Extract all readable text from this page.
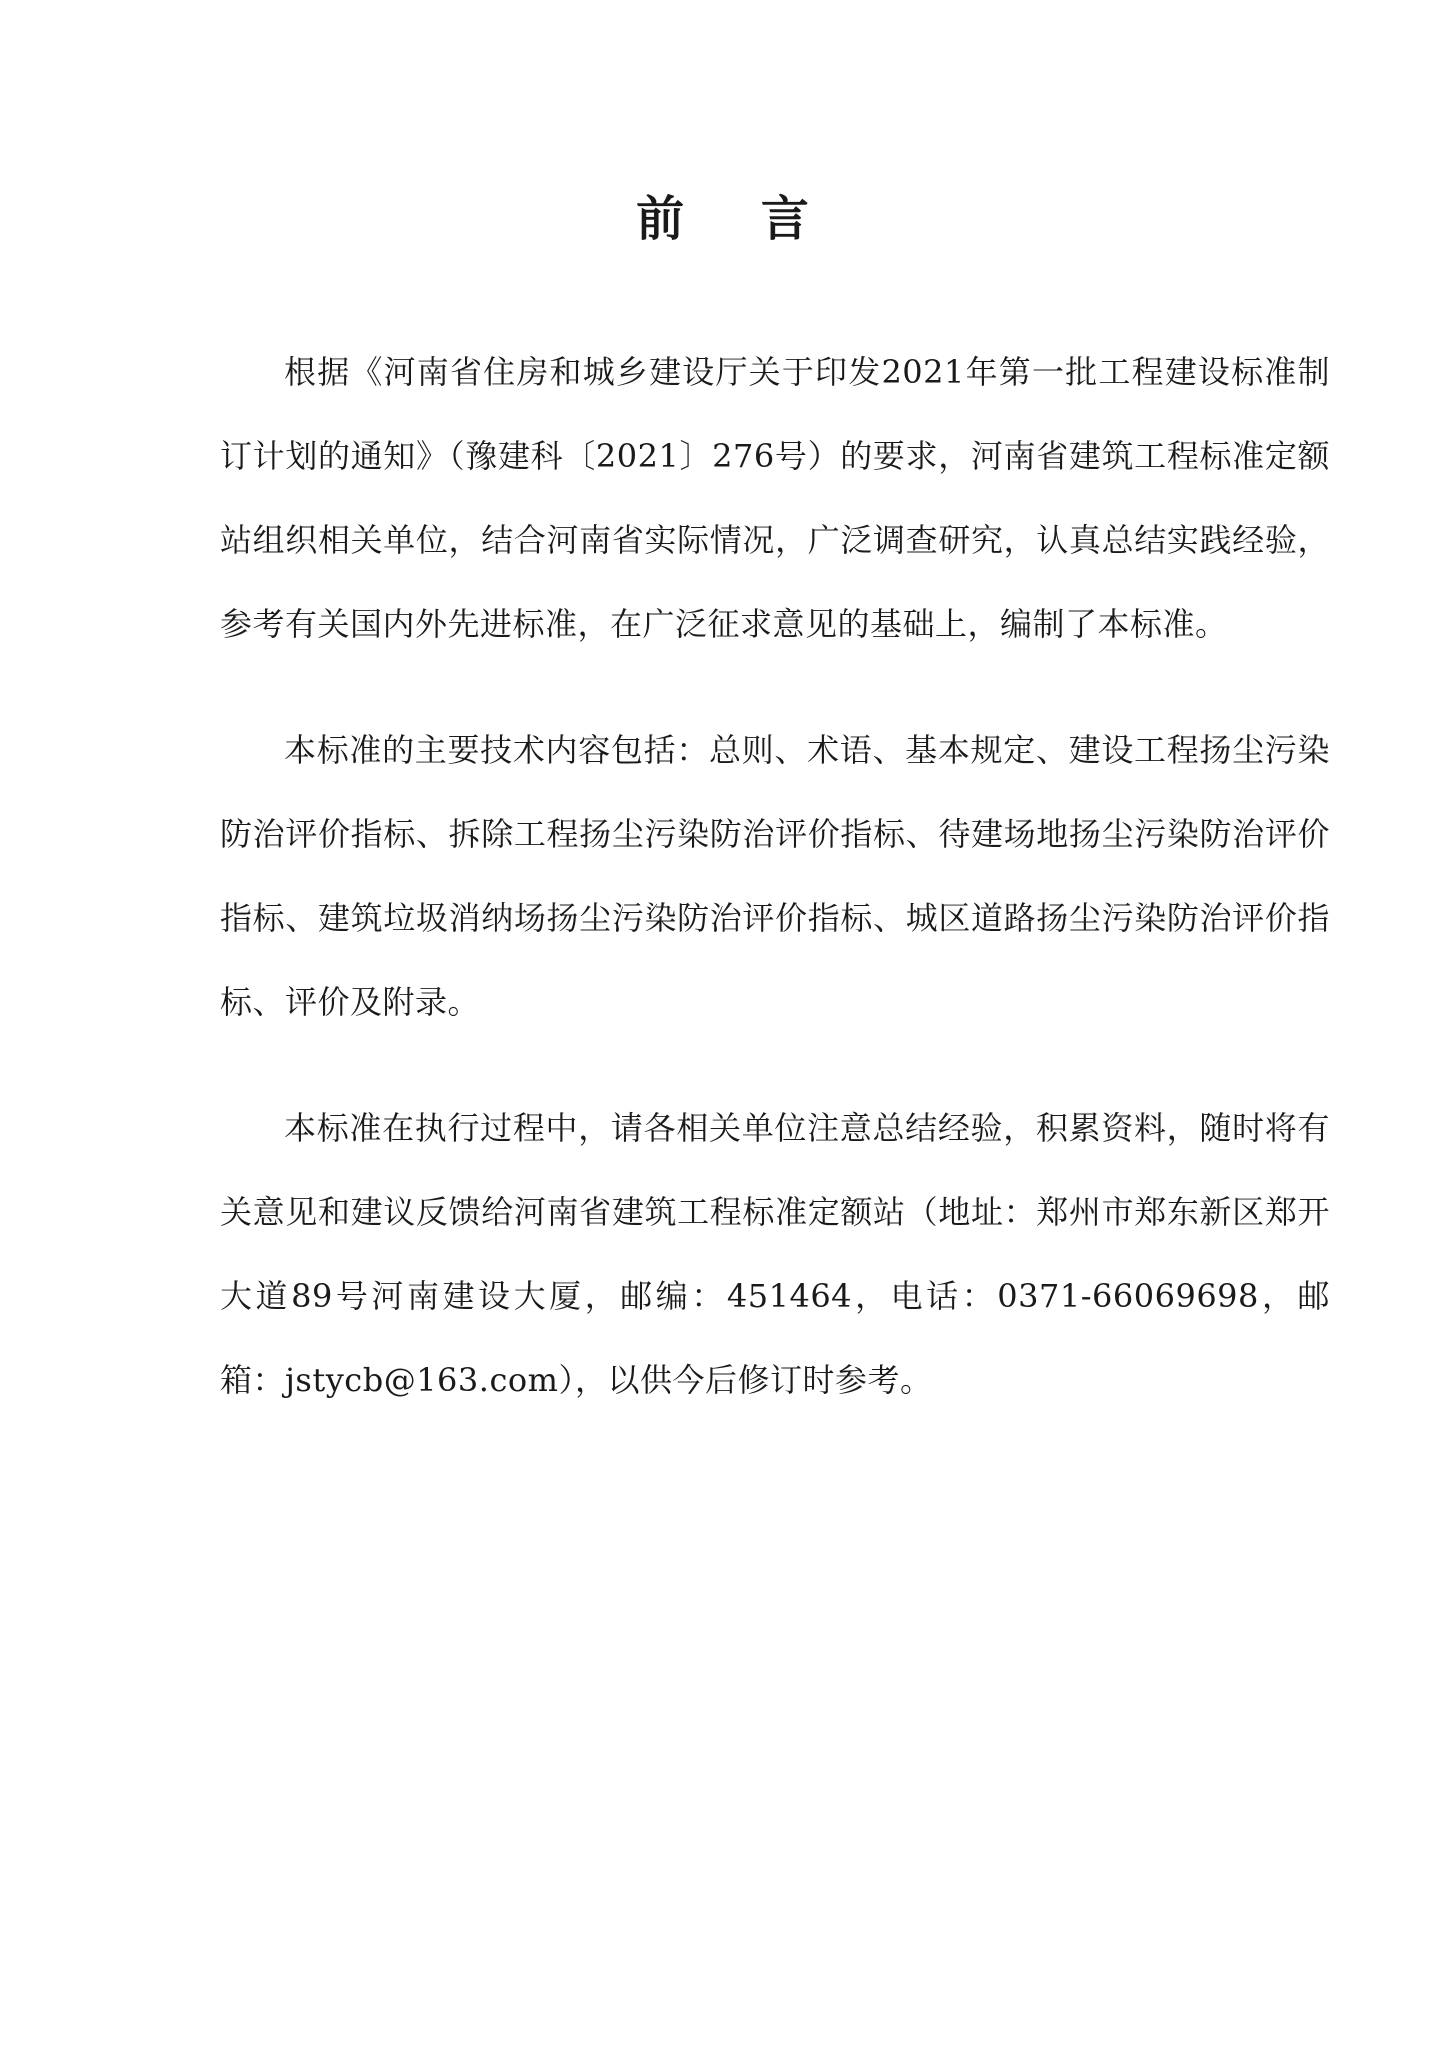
前    言

根据《河南省住房和城乡建设厅关于印发2021年第一批工程建设标准制订计划的通知》（豫建科〔2021〕276号）的要求，河南省建筑工程标准定额站组织相关单位，结合河南省实际情况，广泛调查研究，认真总结实践经验，参考有关国内外先进标准，在广泛征求意见的基础上，编制了本标准。

本标准的主要技术内容包括：总则、术语、基本规定、建设工程扬尘污染防治评价指标、拆除工程扬尘污染防治评价指标、待建场地扬尘污染防治评价指标、建筑垃圾消纳场扬尘污染防治评价指标、城区道路扬尘污染防治评价指标、评价及附录。

本标准在执行过程中，请各相关单位注意总结经验，积累资料，随时将有关意见和建议反馈给河南省建筑工程标准定额站（地址：郑州市郑东新区郑开大道89号河南建设大厦，邮编：451464，电话：0371-66069698，邮箱：jstycb@163.com），以供今后修订时参考。
